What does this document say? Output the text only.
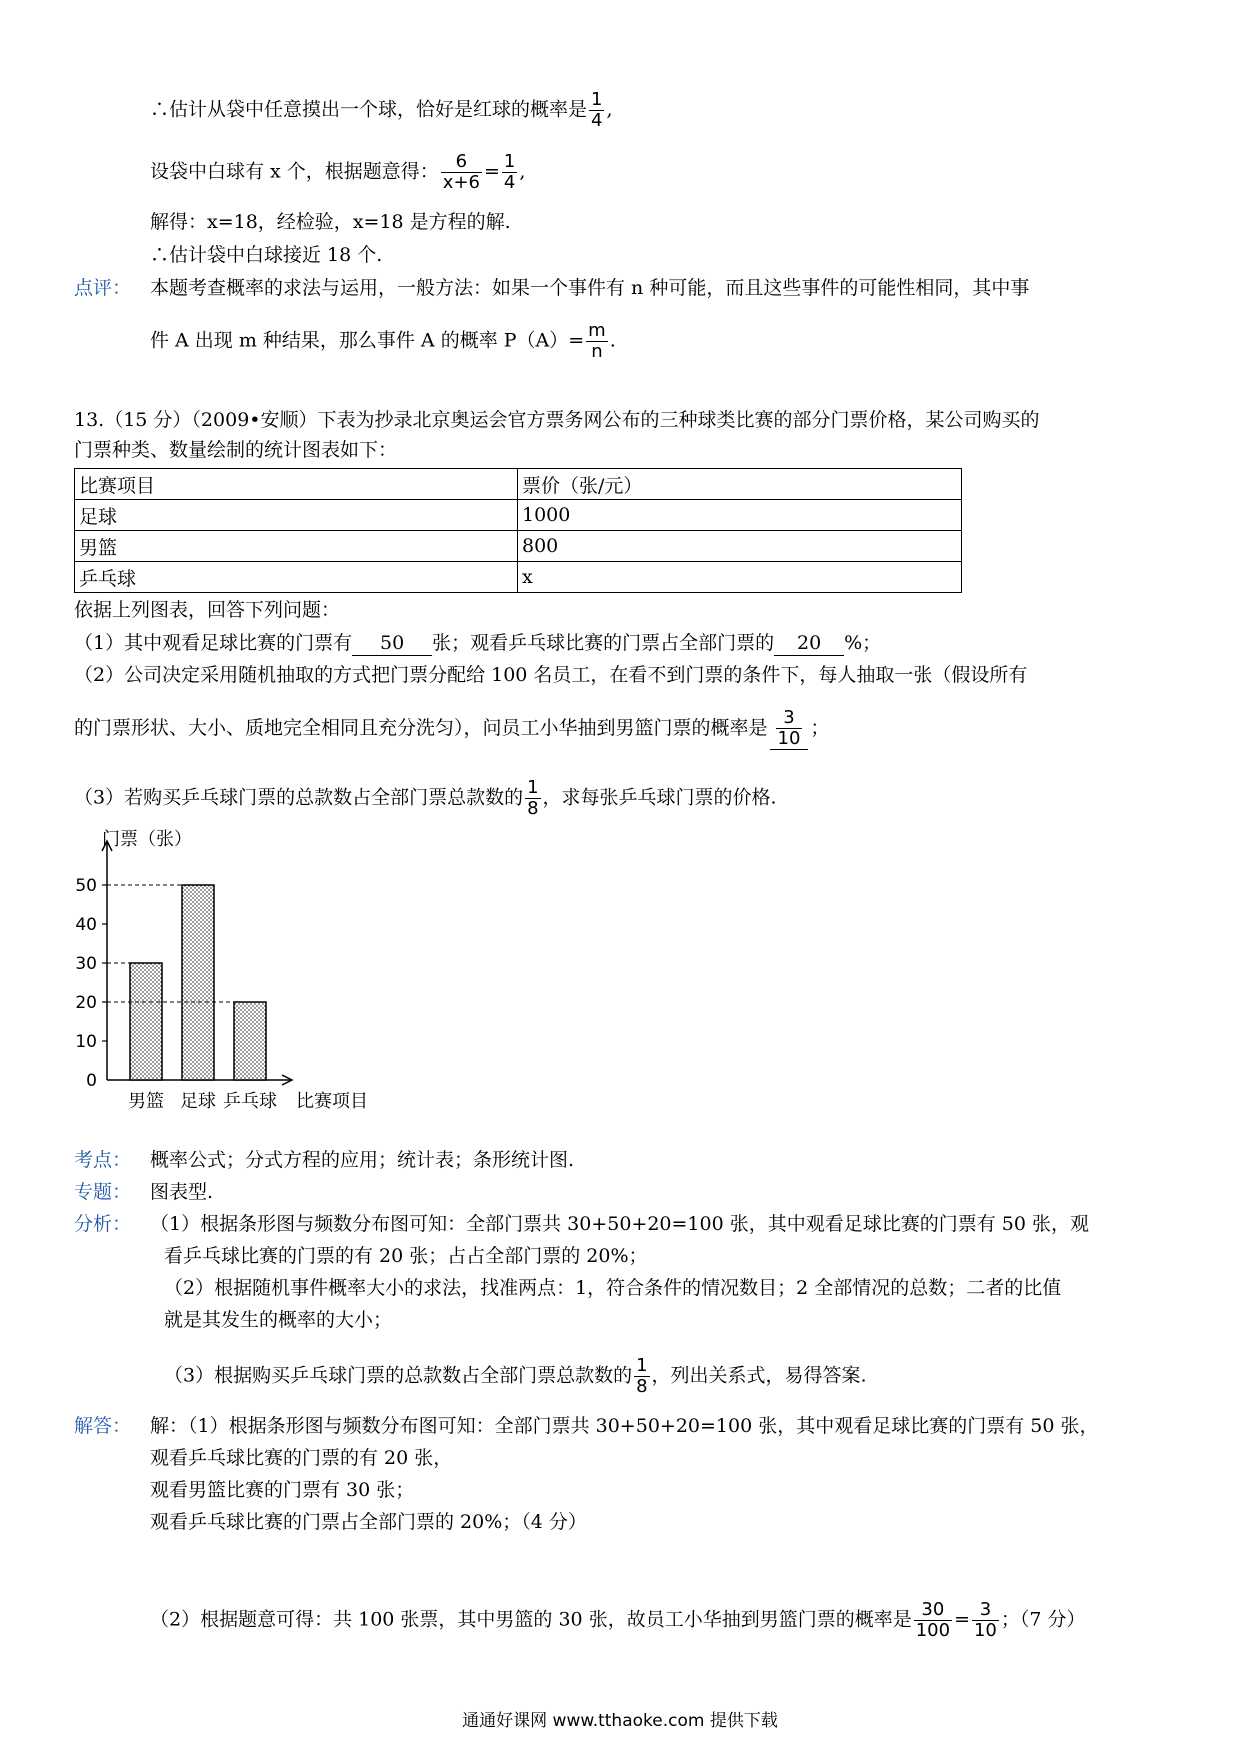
∴估计从袋中任意摸出一个球，恰好是红球的概率是 $\frac{1}{4}$ ,
设袋中白球有 x 个，根据题意得： $\frac{6}{x+6} = \frac{1}{4}$ ,
解得：x=18，经检验，x=18 是方程的解.
∴估计袋中白球接近 18 个.
点评： 本题考查概率的求法与运用，一般方法：如果一个事件有 n 种可能，而且这些事件的可能性相同，其中事
件 A 出现 m 种结果，那么事件 A 的概率 $P(A)= \frac{m}{n}$ .
13.（15 分）（2009•安顺）下表为抄录北京奥运会官方票务网公布的三种球类比赛的部分门票价格，某公司购买的
门票种类、数量绘制的统计图表如下：
比赛项目	票价（张/元）
足球	1000
男篮	800
乒乓球	x
依据上列图表，回答下列问题：
（1）其中观看足球比赛的门票有 50 张；观看乒乓球比赛的门票占全部门票的 20 %；
（2）公司决定采用随机抽取的方式把门票分配给 100 名员工，在看不到门票的条件下，每人抽取一张（假设所有
的门票形状、大小、质地完全相同且充分洗匀），问员工小华抽到男篮门票的概率是 $\frac{3}{10}$ ；
（3）若购买乒乓球门票的总款数占全部门票总款数的 $\frac{1}{8}$ ，求每张乒乓球门票的价格.
0
10
20
30
40
50
门票（张）
男篮 足球 乒乓球 比赛项目
考点： 概率公式；分式方程的应用；统计表；条形统计图.
专题： 图表型.
分析： （1）根据条形图与频数分布图可知：全部门票共 30+50+20=100 张，其中观看足球比赛的门票有 50 张，观
看乒乓球比赛的门票的有 20 张；占占全部门票的 20%；
（2）根据随机事件概率大小的求法，找准两点：1，符合条件的情况数目；2 全部情况的总数；二者的比值
就是其发生的概率的大小；
（3）根据购买乒乓球门票的总款数占全部门票总款数的 $\frac{1}{8}$ ，列出关系式，易得答案.
解答： 解：（1）根据条形图与频数分布图可知：全部门票共 30+50+20=100 张，其中观看足球比赛的门票有 50 张，
观看乒乓球比赛的门票的有 20 张，
观看男篮比赛的门票有 30 张；
观看乒乓球比赛的门票占全部门票的 20%；（4 分）
（2）根据题意可得：共 100 张票，其中男篮的 30 张，故员工小华抽到男篮门票的概率是 $\frac{30}{100} = \frac{3}{10}$ ；（7 分）
通通好课网 www.tthaoke.com 提供下载
